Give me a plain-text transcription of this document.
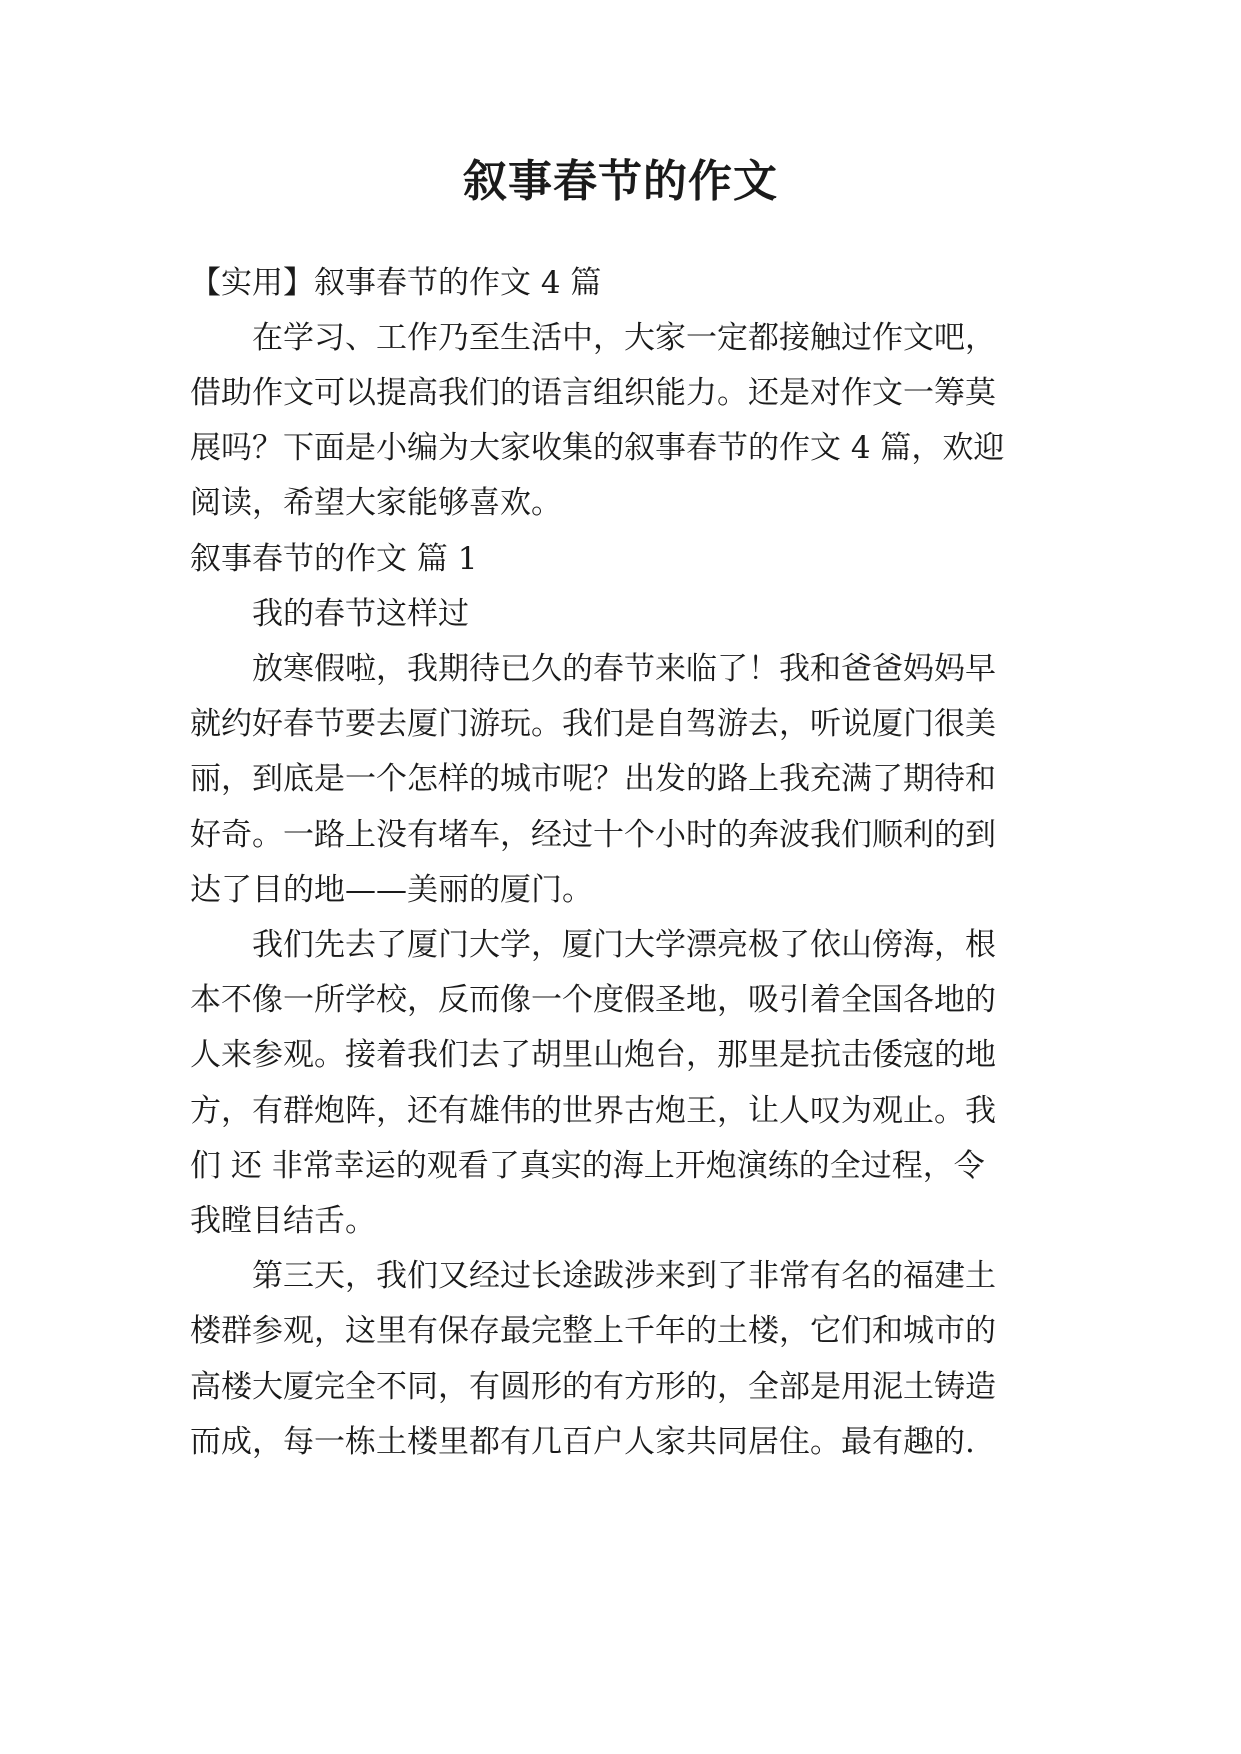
叙事春节的作文
【实用】叙事春节的作文 4 篇
　　在学习、工作乃至生活中，大家一定都接触过作文吧，
借助作文可以提高我们的语言组织能力。还是对作文一筹莫
展吗？下面是小编为大家收集的叙事春节的作文 4 篇，欢迎
阅读，希望大家能够喜欢。
叙事春节的作文 篇 1
　　我的春节这样过
　　放寒假啦，我期待已久的春节来临了！我和爸爸妈妈早
就约好春节要去厦门游玩。我们是自驾游去，听说厦门很美
丽，到底是一个怎样的城市呢？出发的路上我充满了期待和
好奇。一路上没有堵车，经过十个小时的奔波我们顺利的到
达了目的地——美丽的厦门。
　　我们先去了厦门大学，厦门大学漂亮极了依山傍海，根
本不像一所学校，反而像一个度假圣地，吸引着全国各地的
人来参观。接着我们去了胡里山炮台，那里是抗击倭寇的地
方，有群炮阵，还有雄伟的世界古炮王，让人叹为观止。我
们 还 非常幸运的观看了真实的海上开炮演练的全过程，令
我瞠目结舌。
　　第三天，我们又经过长途跋涉来到了非常有名的福建土
楼群参观，这里有保存最完整上千年的土楼，它们和城市的
高楼大厦完全不同，有圆形的有方形的，全部是用泥土铸造
而成，每一栋土楼里都有几百户人家共同居住。最有趣的.
